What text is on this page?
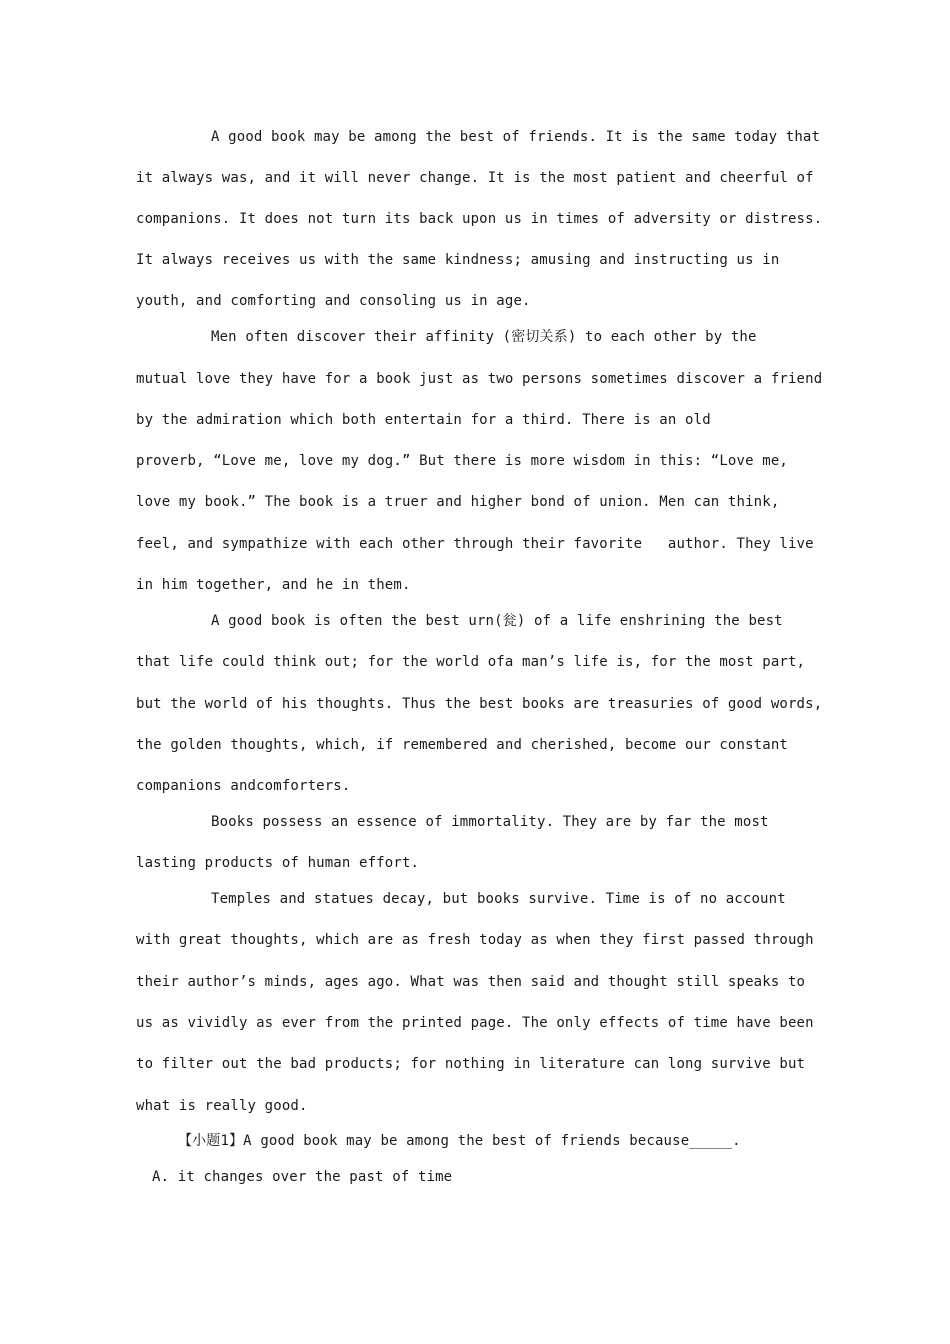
A good book may be among the best of friends. It is the same today that
it always was, and it will never change. It is the most patient and cheerful of
companions. It does not turn its back upon us in times of adversity or distress.
It always receives us with the same kindness; amusing and instructing us in
youth, and comforting and consoling us in age.
Men often discover their affinity (密切关系) to each other by the
mutual love they have for a book just as two persons sometimes discover a friend
by the admiration which both entertain for a third. There is an old
proverb, “Love me, love my dog.” But there is more wisdom in this: “Love me,
love my book.” The book is a truer and higher bond of union. Men can think,
feel, and sympathize with each other through their favorite   author. They live
in him together, and he in them.
A good book is often the best urn(瓮) of a life enshrining the best
that life could think out; for the world ofa man’s life is, for the most part,
but the world of his thoughts. Thus the best books are treasuries of good words,
the golden thoughts, which, if remembered and cherished, become our constant
companions andcomforters.
Books possess an essence of immortality. They are by far the most
lasting products of human effort.
Temples and statues decay, but books survive. Time is of no account
with great thoughts, which are as fresh today as when they first passed through
their author’s minds, ages ago. What was then said and thought still speaks to
us as vividly as ever from the printed page. The only effects of time have been
to filter out the bad products; for nothing in literature can long survive but
what is really good.
【小题1】A good book may be among the best of friends because_____.
A. it changes over the past of time
